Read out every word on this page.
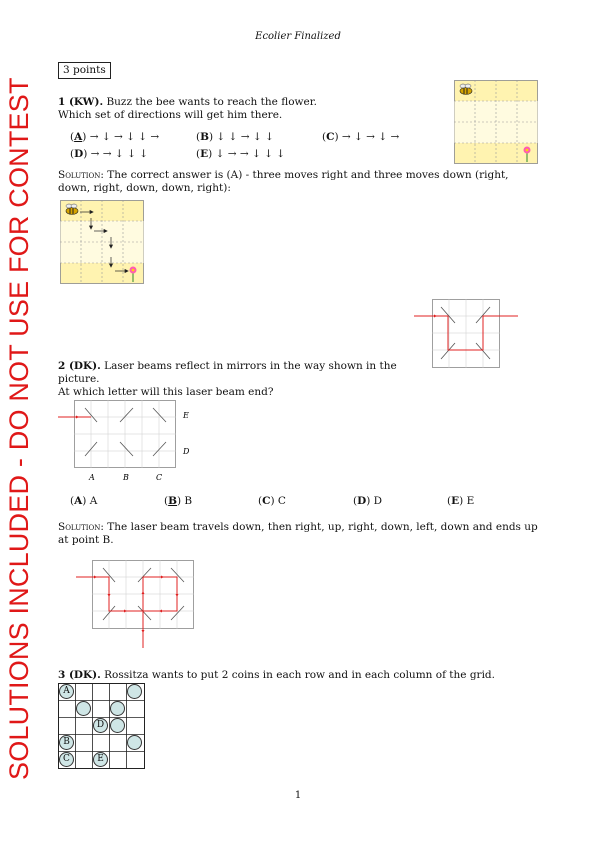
SOLUTIONS INCLUDED - DO NOT USE FOR CONTEST
Ecolier Finalized
3 points
1 (KW). Buzz the bee wants to reach the flower.
Which set of directions will get him there.
(A) → ↓ → ↓ ↓ →	(B) ↓ ↓ → ↓ ↓	(C) → ↓ → ↓ →
(D) → → ↓ ↓ ↓	(E) ↓ → → ↓ ↓ ↓
Solution: The correct answer is (A) - three moves right and three moves down (right, down, right, down, down, right):
2 (DK). Laser beams reflect in mirrors in the way shown in the picture.
At which letter will this laser beam end?
E
D
A	B	C
(A) A	(B) B	(C) C	(D) D	(E) E
Solution: The laser beam travels down, then right, up, right, down, left, down and ends up at point B.
3 (DK). Rossitza wants to put 2 coins in each row and in each column of the grid.
A
D
B
C	E
1
